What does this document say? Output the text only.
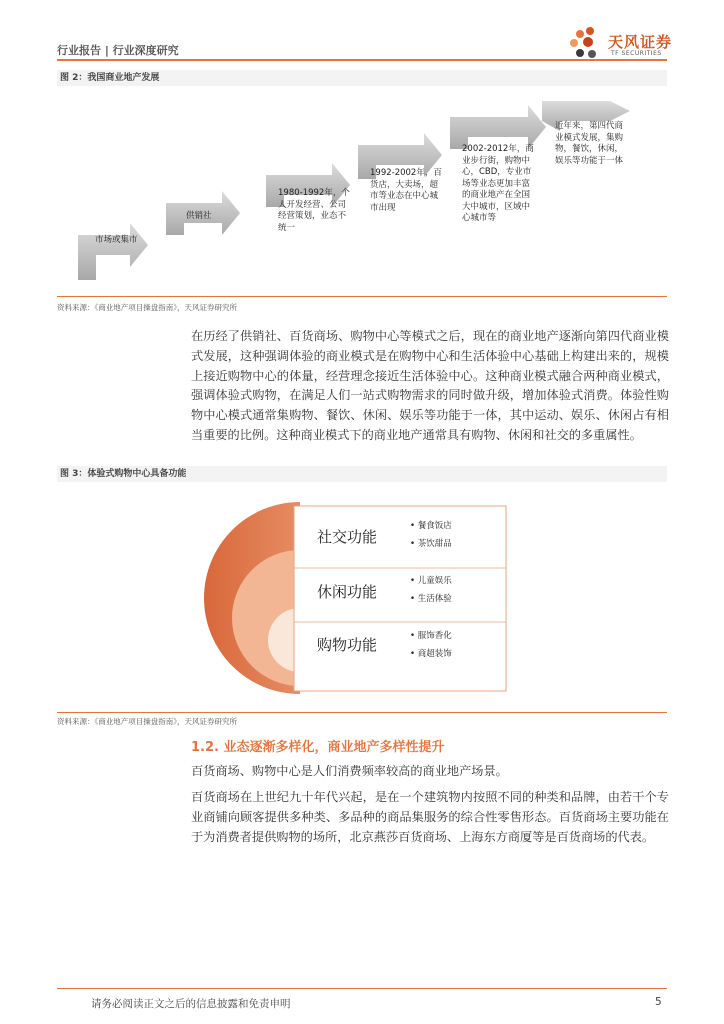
行业报告 | 行业深度研究	天风证券
TF SECURITIES
图 2：我国商业地产发展
市场或集市
供销社
1980-1992年，个人开发经营、公司经营策划，业态不统一
1992-2002年，百货店，大卖场，超市等业态在中心城市出现
2002-2012年，商业步行街，购物中心，CBD，专业市场等业态更加丰富的商业地产在全国大中城市，区域中心城市等
近年来，第四代商业模式发展，集购物，餐饮，休闲，娱乐等功能于一体
资料来源：《商业地产项目操盘指南》，天风证券研究所
在历经了供销社、百货商场、购物中心等模式之后，现在的商业地产逐渐向第四代商业模式发展，这种强调体验的商业模式是在购物中心和生活体验中心基础上构建出来的，规模上接近购物中心的体量，经营理念接近生活体验中心。这种商业模式融合两种商业模式，强调体验式购物，在满足人们一站式购物需求的同时做升级，增加体验式消费。体验性购物中心模式通常集购物、餐饮、休闲、娱乐等功能于一体，其中运动、娱乐、休闲占有相当重要的比例。这种商业模式下的商业地产通常具有购物、休闲和社交的多重属性。
图 3：体验式购物中心具备功能
社交功能
• 餐食饭店
• 茶饮甜品
休闲功能
• 儿童娱乐
• 生活体验
购物功能	• 服饰香化
• 商超装饰
资料来源：《商业地产项目操盘指南》，天风证券研究所
1.2. 业态逐渐多样化，商业地产多样性提升
百货商场、购物中心是人们消费频率较高的商业地产场景。
百货商场在上世纪九十年代兴起，是在一个建筑物内按照不同的种类和品牌，由若干个专业商铺向顾客提供多种类、多品种的商品集服务的综合性零售形态。百货商场主要功能在于为消费者提供购物的场所，北京燕莎百货商场、上海东方商厦等是百货商场的代表。
请务必阅读正文之后的信息披露和免责申明	5
